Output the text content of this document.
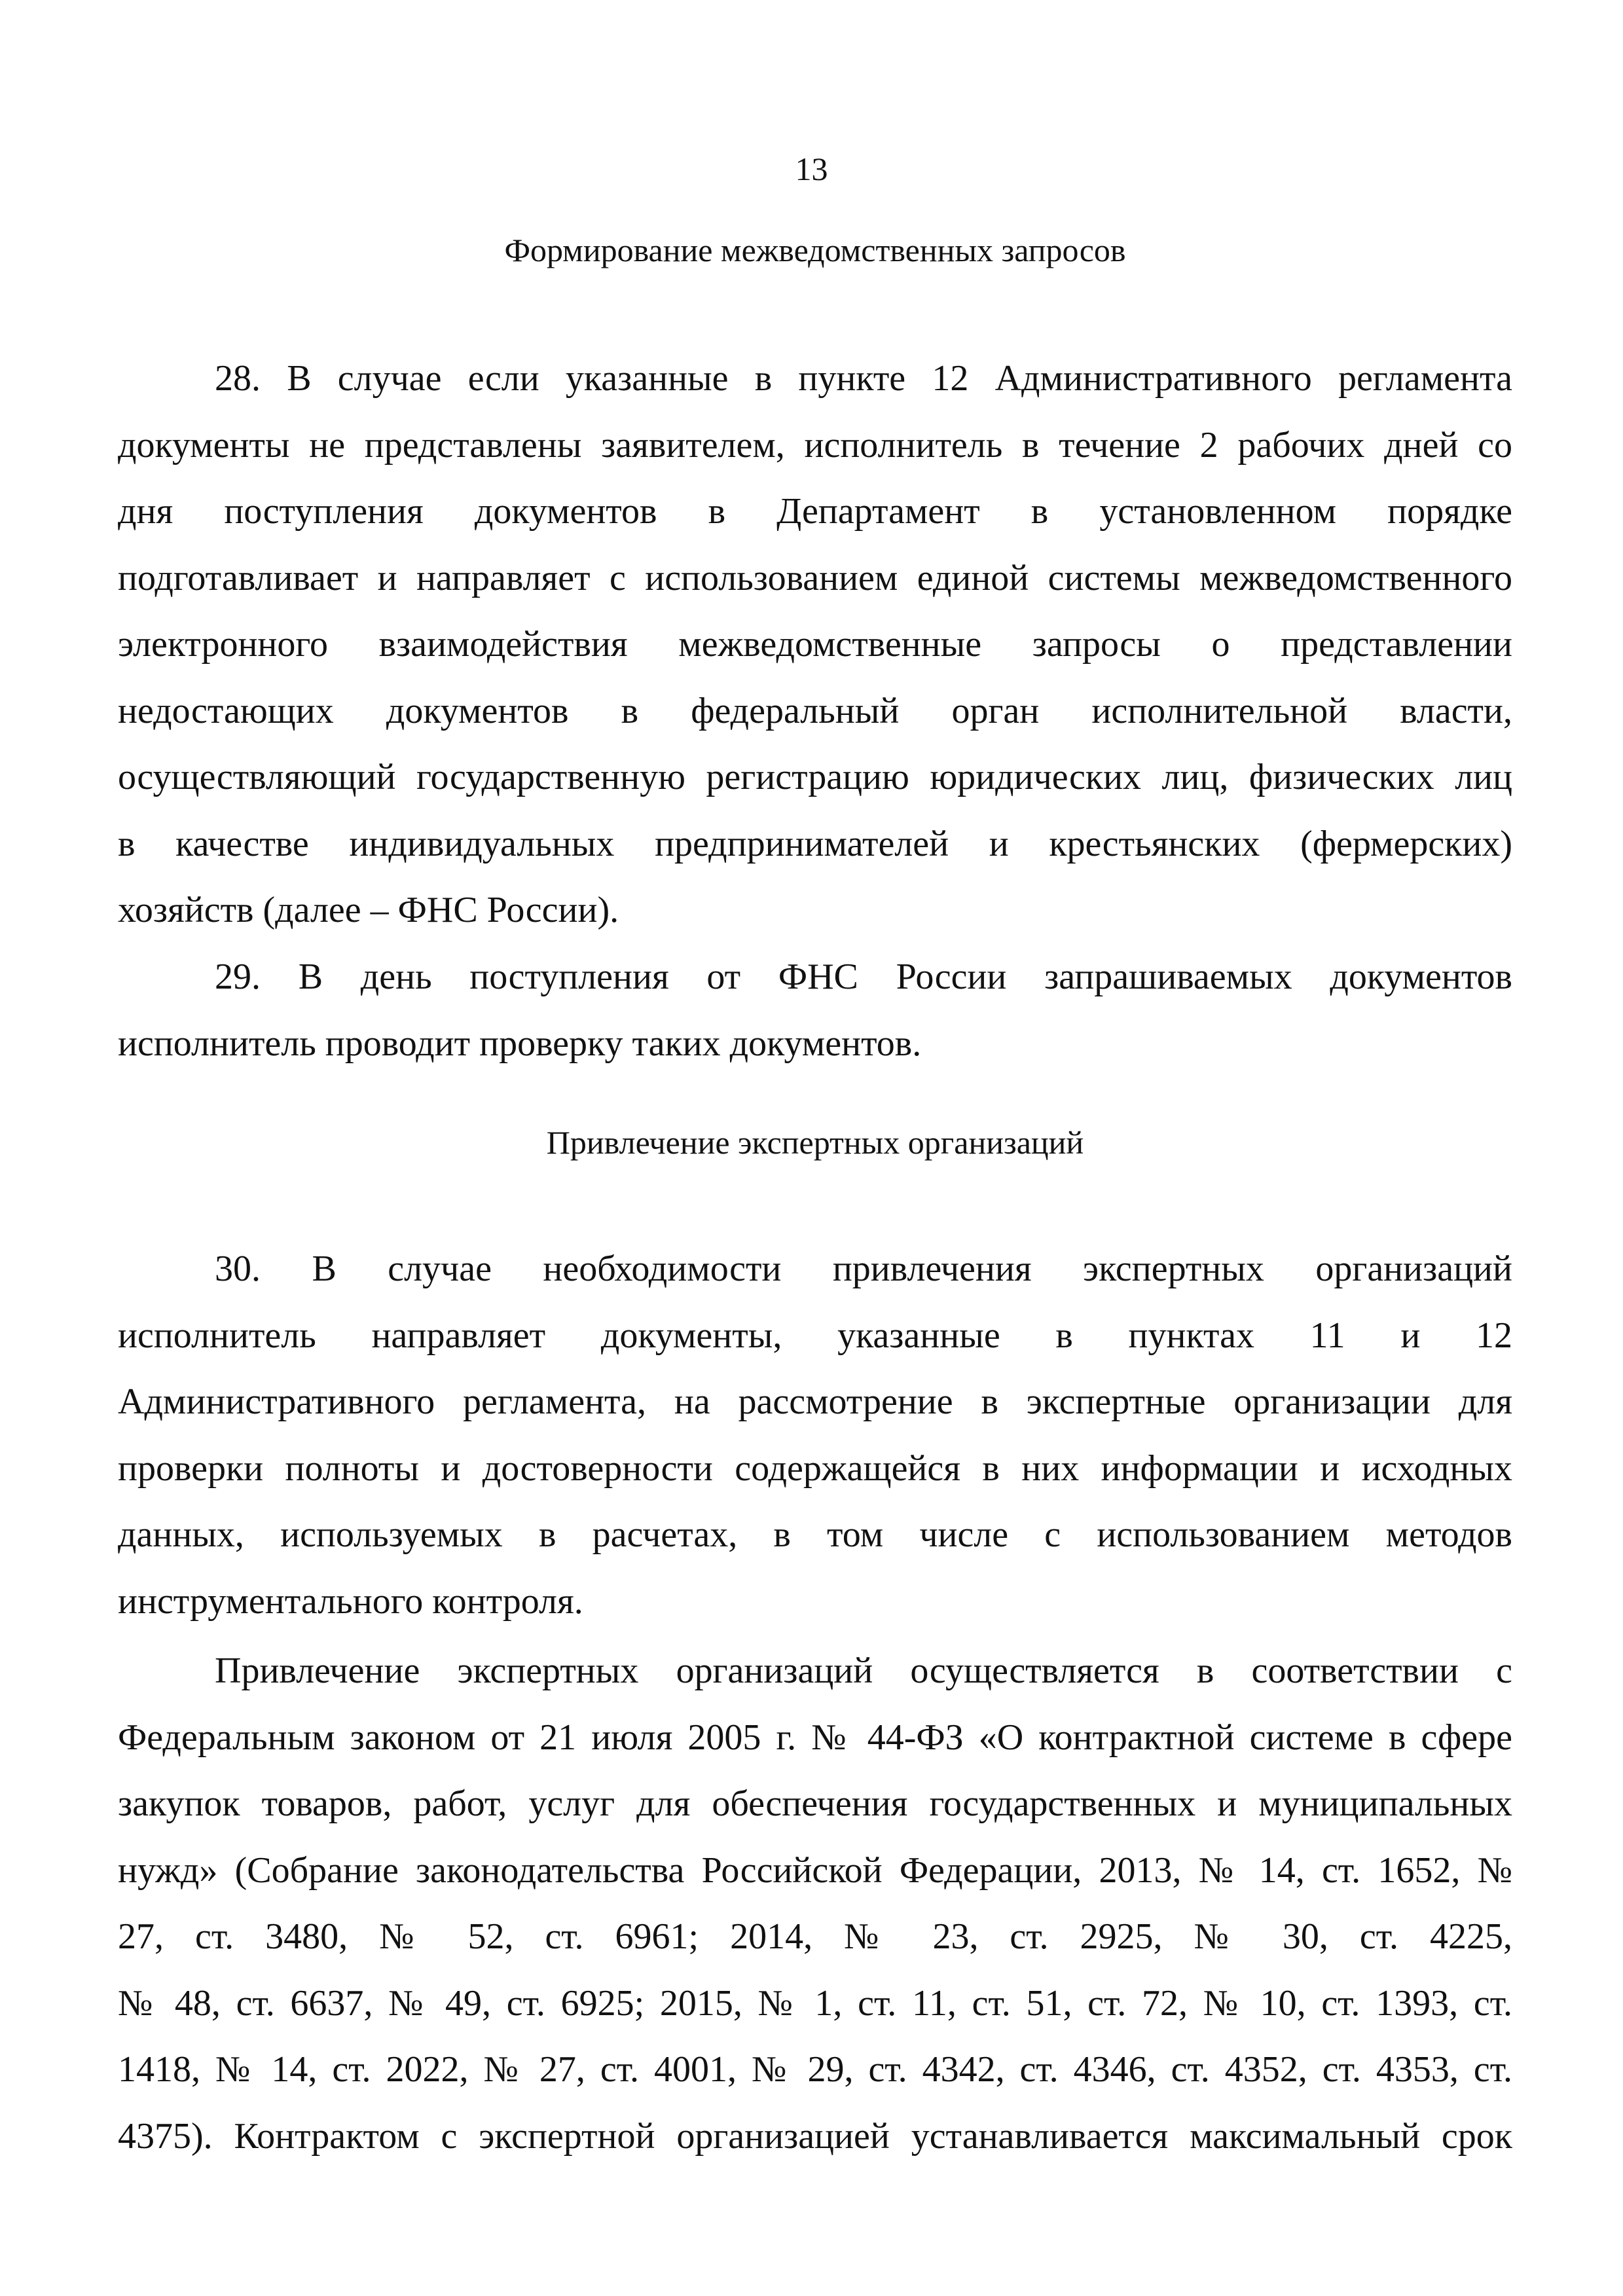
13
Формирование межведомственных запросов
28. В случае если указанные в пункте 12 Административного регламента
документы не представлены заявителем, исполнитель в течение 2 рабочих дней со
дня поступления документов в Департамент в установленном порядке
подготавливает и направляет с использованием единой системы межведомственного
электронного взаимодействия межведомственные запросы о представлении
недостающих документов в федеральный орган исполнительной власти,
осуществляющий государственную регистрацию юридических лиц, физических лиц
в качестве индивидуальных предпринимателей и крестьянских (фермерских)
хозяйств (далее – ФНС России).
29. В день поступления от ФНС России запрашиваемых документов
исполнитель проводит проверку таких документов.
Привлечение экспертных организаций
30. В случае необходимости привлечения экспертных организаций
исполнитель направляет документы, указанные в пунктах 11 и 12
Административного регламента, на рассмотрение в экспертные организации для
проверки полноты и достоверности содержащейся в них информации и исходных
данных, используемых в расчетах, в том числе с использованием методов
инструментального контроля.
Привлечение экспертных организаций осуществляется в соответствии с
Федеральным законом от 21 июля 2005 г. № 44-ФЗ «О контрактной системе в сфере
закупок товаров, работ, услуг для обеспечения государственных и муниципальных
нужд» (Собрание законодательства Российской Федерации, 2013, № 14, ст. 1652, №
27, ст. 3480, № 52, ст. 6961; 2014, № 23, ст. 2925, № 30, ст. 4225,
№ 48, ст. 6637, № 49, ст. 6925; 2015, № 1, ст. 11, ст. 51, ст. 72, № 10, ст. 1393, ст.
1418, № 14, ст. 2022, № 27, ст. 4001, № 29, ст. 4342, ст. 4346, ст. 4352, ст. 4353, ст.
4375). Контрактом с экспертной организацией устанавливается максимальный срок
